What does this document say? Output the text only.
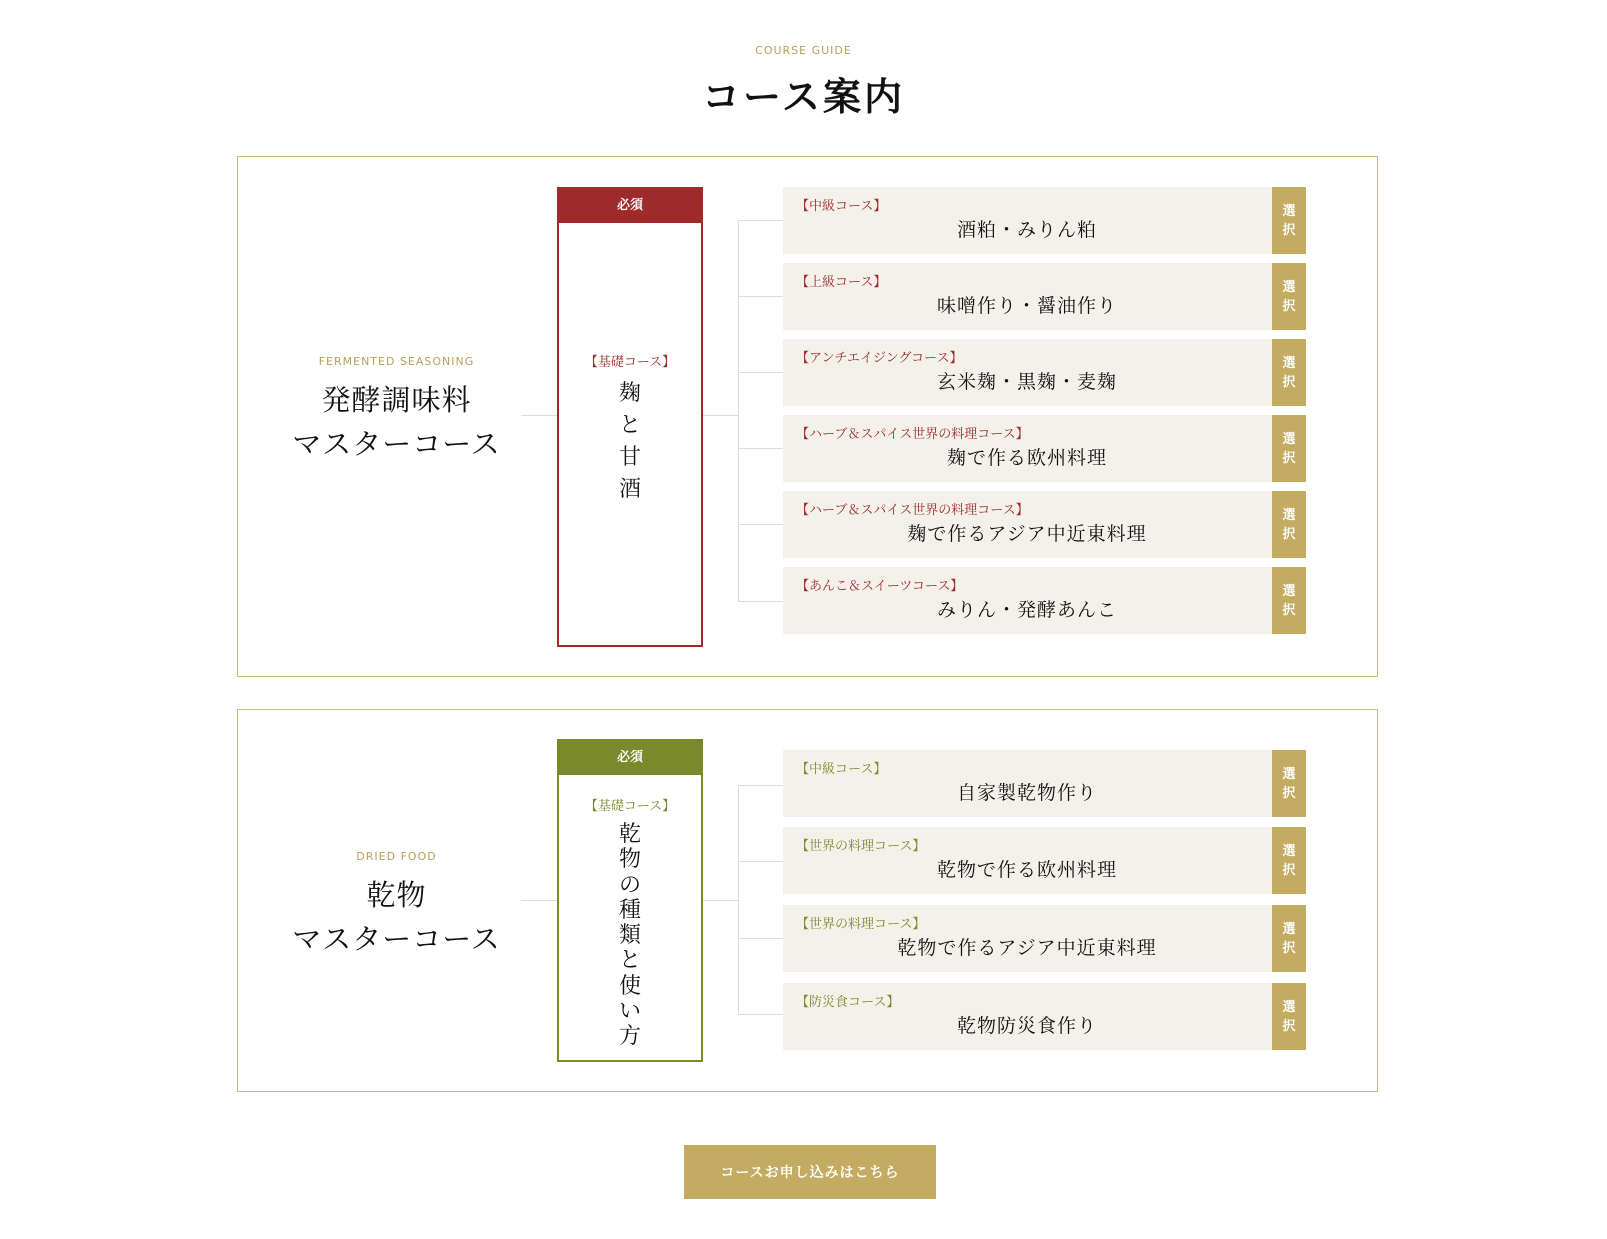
COURSE GUIDE
コース案内
FERMENTED SEASONING
発酵調味料
マスターコース
必須
【基礎コース】
麹と甘酒
【中級コース】
酒粕・みりん粕
選択
【上級コース】
味噌作り・醤油作り
選択
【アンチエイジングコース】
玄米麹・黒麹・麦麹
選択
【ハーブ＆スパイス世界の料理コース】
麹で作る欧州料理
選択
【ハーブ＆スパイス世界の料理コース】
麹で作るアジア中近東料理
選択
【あんこ＆スイーツコース】
みりん・発酵あんこ
選択
DRIED FOOD
乾物
マスターコース
必須
【基礎コース】
乾物の種類と使い方
【中級コース】
自家製乾物作り
選択
【世界の料理コース】
乾物で作る欧州料理
選択
【世界の料理コース】
乾物で作るアジア中近東料理
選択
【防災食コース】
乾物防災食作り
選択
コースお申し込みはこちら
